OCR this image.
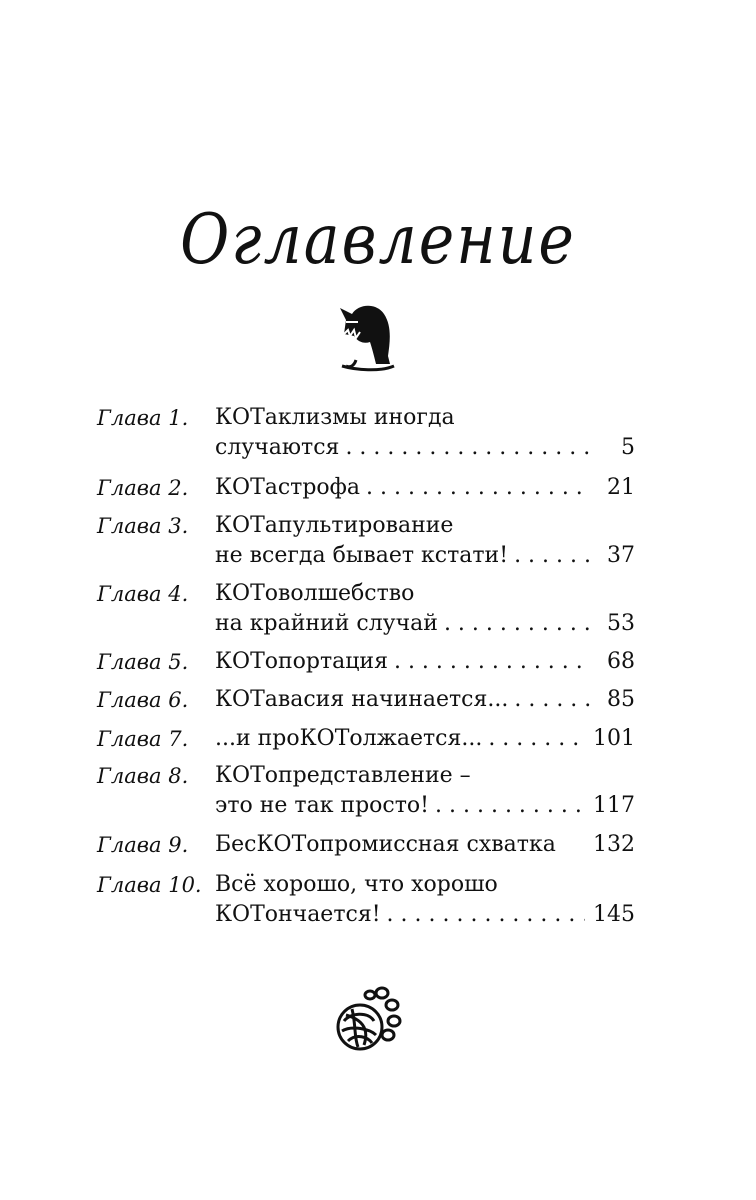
Оглавление
Глава 1. КОТаклизмы иногда
случаются . . .	5
Глава 2. КОТастрофа . . .	21
Глава 3. КОТапультирование
не всегда бывает кстати! . . .	37
Глава 4. КОТоволшебство
на крайний случай . . .	53
Глава 5. КОТопортация . . .	68
Глава 6. КОТавасия начинается... . . .	85
Глава 7. ...и проКОТолжается... . . .	101
Глава 8. КОТопредставление –
это не так просто! . . .	117
Глава 9. БесКОТопромиссная схватка	132
Глава 10. Всё хорошо, что хорошо
КОТончается! . . .	145
